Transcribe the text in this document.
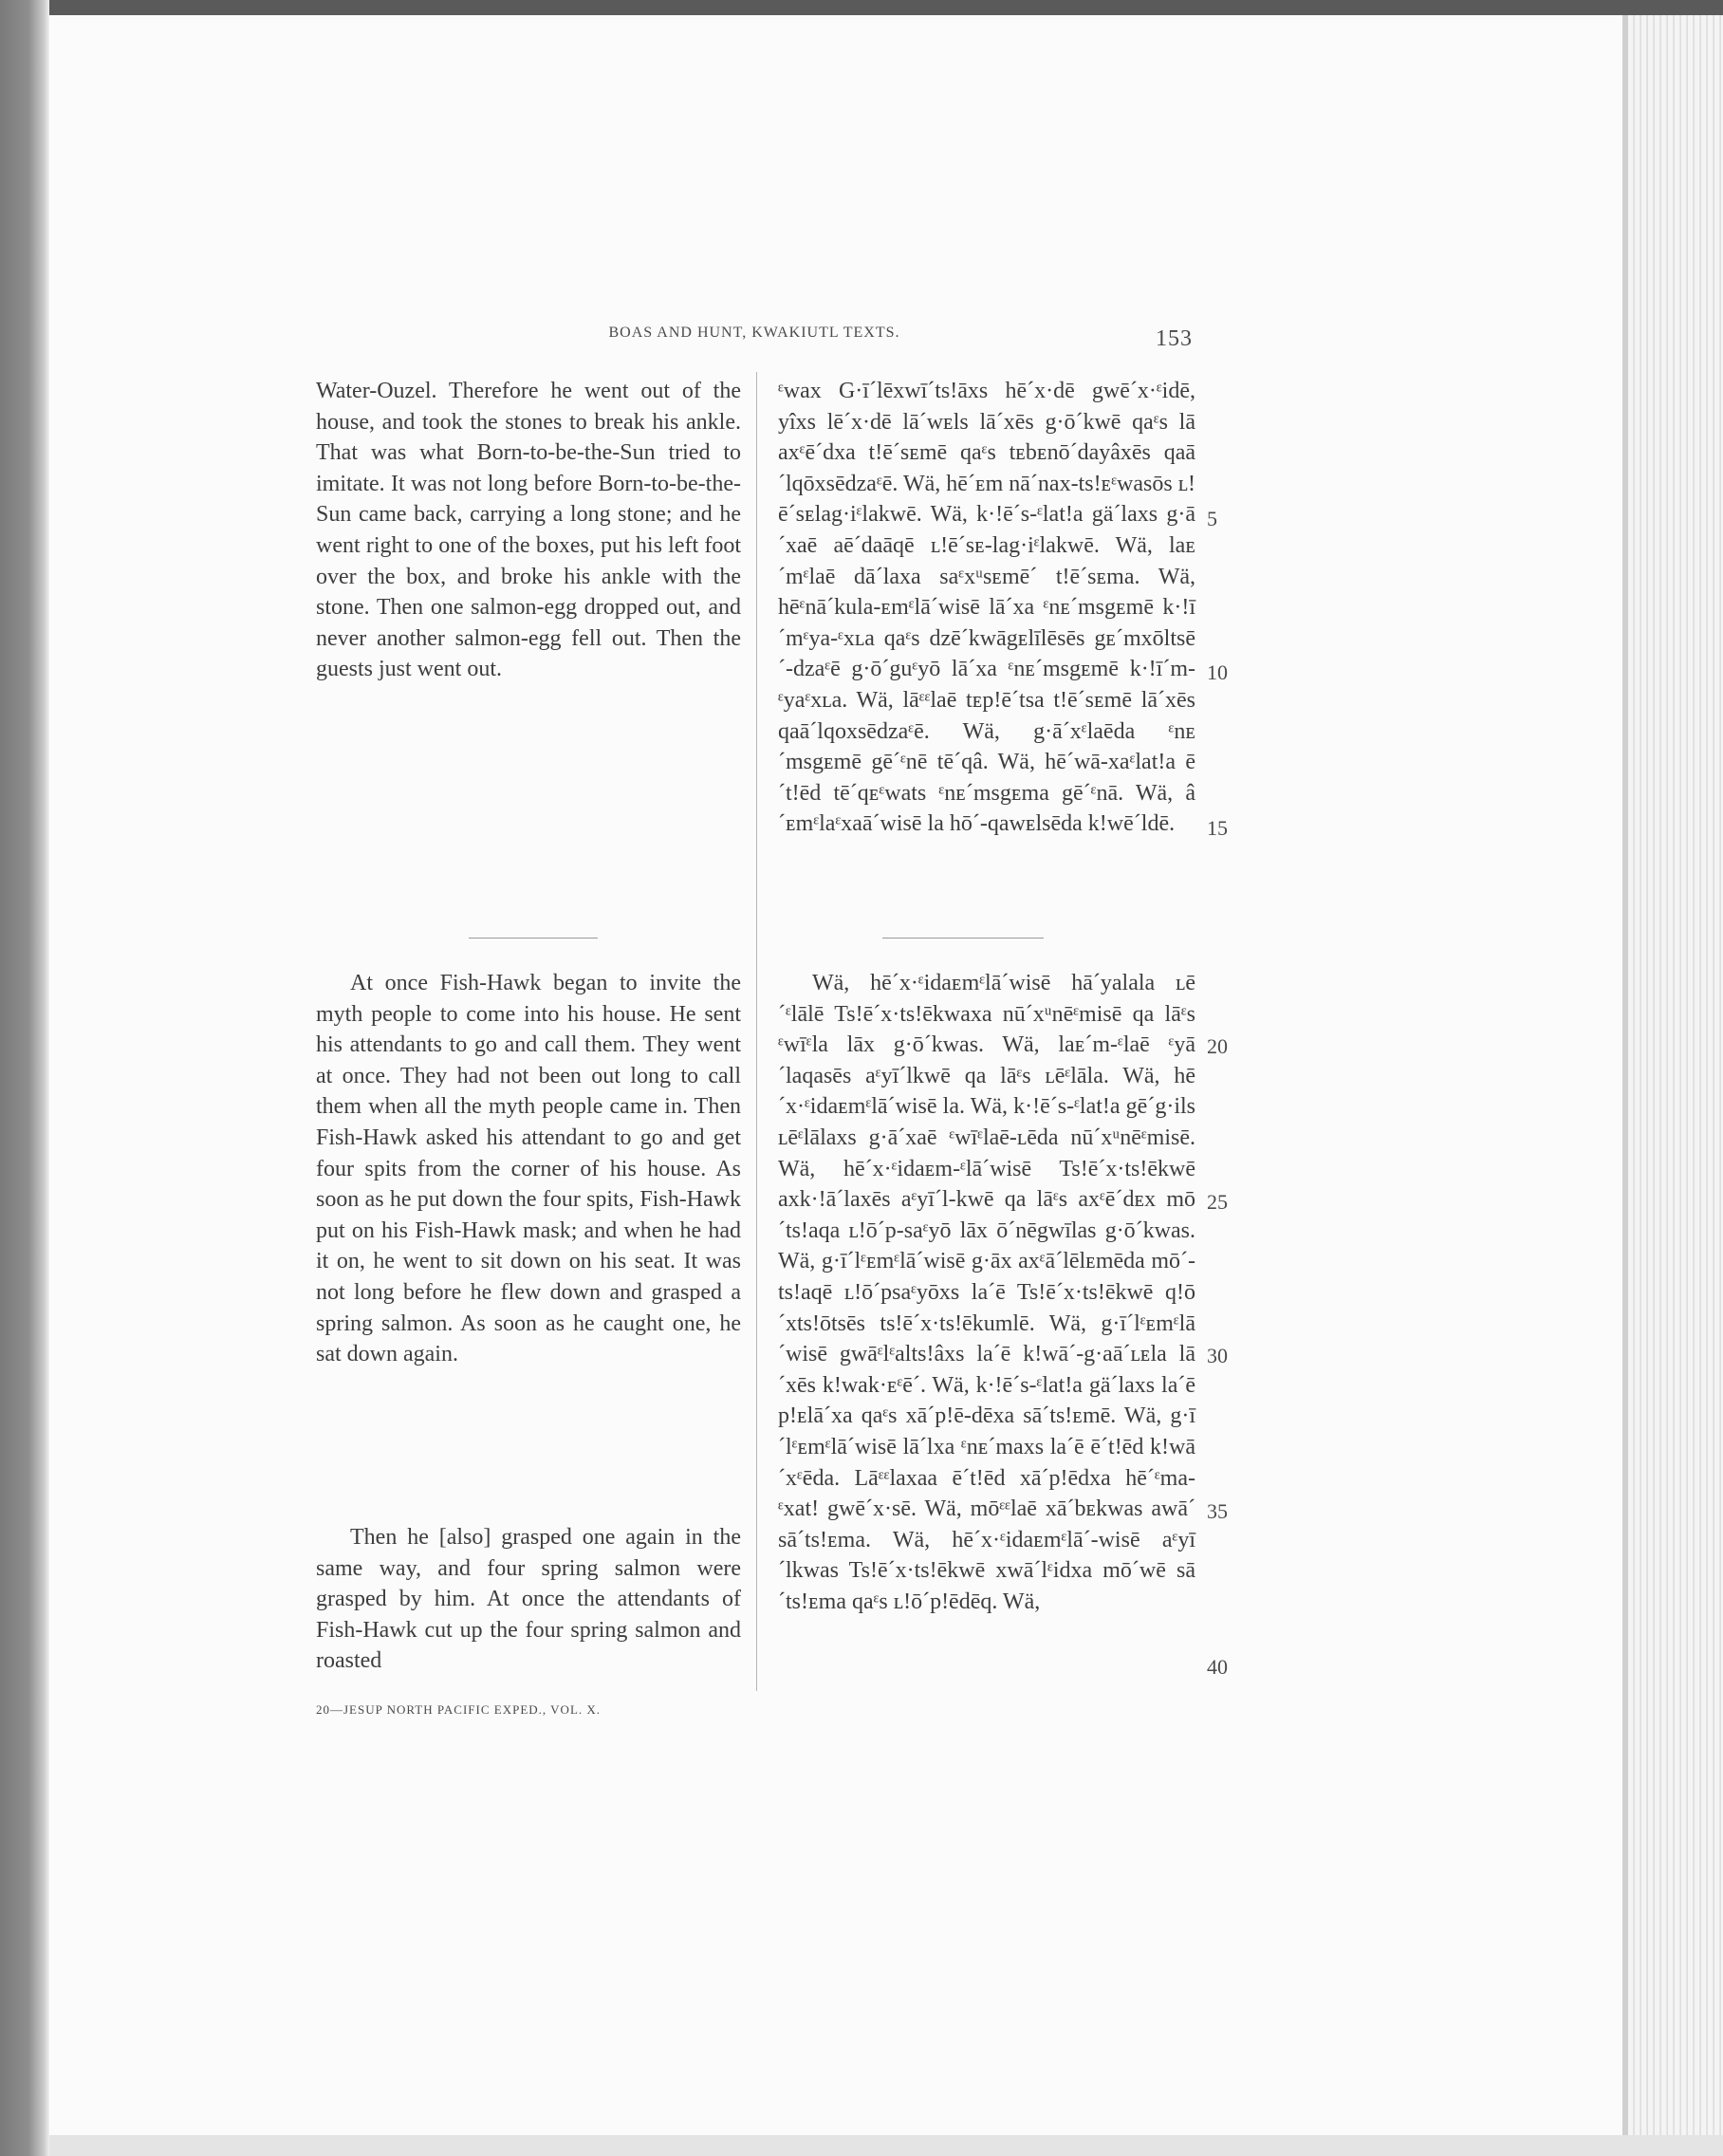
BOAS AND HUNT, KWAKIUTL TEXTS.	153

Water-Ouzel. Therefore he went out of the house, and took the stones to break his ankle. That was what Born-to-be-the-Sun tried to imitate. It was not long before Born-to-be-the-Sun came back, carrying a long stone; and he went right to one of the boxes, put his left foot over the box, and broke his ankle with the stone. Then one salmon-egg dropped out, and never another salmon-egg fell out. Then the guests just went out.

At once Fish-Hawk began to invite the myth people to come into his house. He sent his attendants to go and call them. They went at once. They had not been out long to call them when all the myth people came in. Then Fish-Hawk asked his attendant to go and get four spits from the corner of his house. As soon as he put down the four spits, Fish-Hawk put on his Fish-Hawk mask; and when he had it on, he went to sit down on his seat. It was not long before he flew down and grasped a spring salmon. As soon as he caught one, he sat down again.

Then he [also] grasped one again in the same way, and four spring salmon were grasped by him. At once the attendants of Fish-Hawk cut up the four spring salmon and roasted

ᵋwax G·ī´lēxwī´ts!āxs hē´x·dē gwē´x·ᵋidē, yîxs lē´x·dē lā´wᴇls lā´xēs g·ō´kwē qaᵋs lā axᵋē´dxa t!ē´sᴇmē qaᵋs tᴇbᴇnō´dayâxēs qaā´lqōxsēdzaᵋē. Wä, hē´ᴇm nā´nax-ts!ᴇᵋwasōs ʟ!ē´sᴇlag·iᵋlakwē. Wä, k·!ē´s-ᵋlat!a gä´laxs g·ā´xaē aē´daāqē ʟ!ē´sᴇ-lag·iᵋlakwē. Wä, laᴇ´mᵋlaē dā´laxa saᵋxᵘsᴇmē´ t!ē´sᴇma. Wä, hēᵋnā´kula-ᴇmᵋlā´wisē lā´xa ᵋnᴇ´msgᴇmē k·!ī´mᵋya-ᵋxʟa qaᵋs dzē´kwāgᴇlīlēsēs gᴇ´mxōltsē´-dzaᵋē g·ō´guᵋyō lā´xa ᵋnᴇ´msgᴇmē k·!ī´m-ᵋyaᵋxʟa. Wä, lāᵋᵋlaē tᴇp!ē´tsa t!ē´sᴇmē lā´xēs qaā´lqoxsēdzaᵋē. Wä, g·ā´xᵋlaēda ᵋnᴇ´msgᴇmē gē´ᵋnē tē´qâ. Wä, hē´wā-xaᵋlat!a ē´t!ēd tē´qᴇᵋwats ᵋnᴇ´msgᴇma gē´ᵋnā. Wä, â´ᴇmᵋlaᵋxaā´wisē la hō´-qawᴇlsēda k!wē´ldē.

Wä, hē´x·ᵋidaᴇmᵋlā´wisē hā´yalala ʟē´ᵋlālē Ts!ē´x·ts!ēkwaxa nū´xᵘnēᵋmisē qa lāᵋs ᵋwīᵋla lāx g·ō´kwas. Wä, laᴇ´m-ᵋlaē ᵋyā´laqasēs aᵋyī´lkwē qa lāᵋs ʟēᵋlāla. Wä, hē´x·ᵋidaᴇmᵋlā´wisē la. Wä, k·!ē´s-ᵋlat!a gē´g·ils ʟēᵋlālaxs g·ā´xaē ᵋwīᵋlaē-ʟēda nū´xᵘnēᵋmisē. Wä, hē´x·ᵋidaᴇm-ᵋlā´wisē Ts!ē´x·ts!ēkwē axk·!ā´laxēs aᵋyī´l-kwē qa lāᵋs axᵋē´dᴇx mō´ts!aqa ʟ!ō´p-saᵋyō lāx ō´nēgwīlas g·ō´kwas. Wä, g·ī´lᵋᴇmᵋlā´wisē g·āx axᵋā´lēlᴇmēda mō´-ts!aqē ʟ!ō´psaᵋyōxs la´ē Ts!ē´x·ts!ēkwē q!ō´xts!ōtsēs ts!ē´x·ts!ēkumlē. Wä, g·ī´lᵋᴇmᵋlā´wisē gwāᵋlᵋalts!âxs la´ē k!wā´-g·aā´ʟᴇla lā´xēs k!wak·ᴇᵋē´. Wä, k·!ē´s-ᵋlat!a gä´laxs la´ē p!ᴇlā´xa qaᵋs xā´p!ē-dēxa sā´ts!ᴇmē. Wä, g·ī´lᵋᴇmᵋlā´wisē lā´lxa ᵋnᴇ´maxs la´ē ē´t!ēd k!wā´xᵋēda. Lāᵋᵋlaxaa ē´t!ēd xā´p!ēdxa hē´ᵋma-ᵋxat! gwē´x·sē. Wä, mōᵋᵋlaē xā´bᴇkwas awā´ sā´ts!ᴇma. Wä, hē´x·ᵋidaᴇmᵋlā´-wisē aᵋyī´lkwas Ts!ē´x·ts!ēkwē xwā´lᵋidxa mō´wē sā´ts!ᴇma qaᵋs ʟ!ō´p!ēdēq. Wä,

5
10
15
20
25
30
35
40
20—JESUP NORTH PACIFIC EXPED., VOL. X.
